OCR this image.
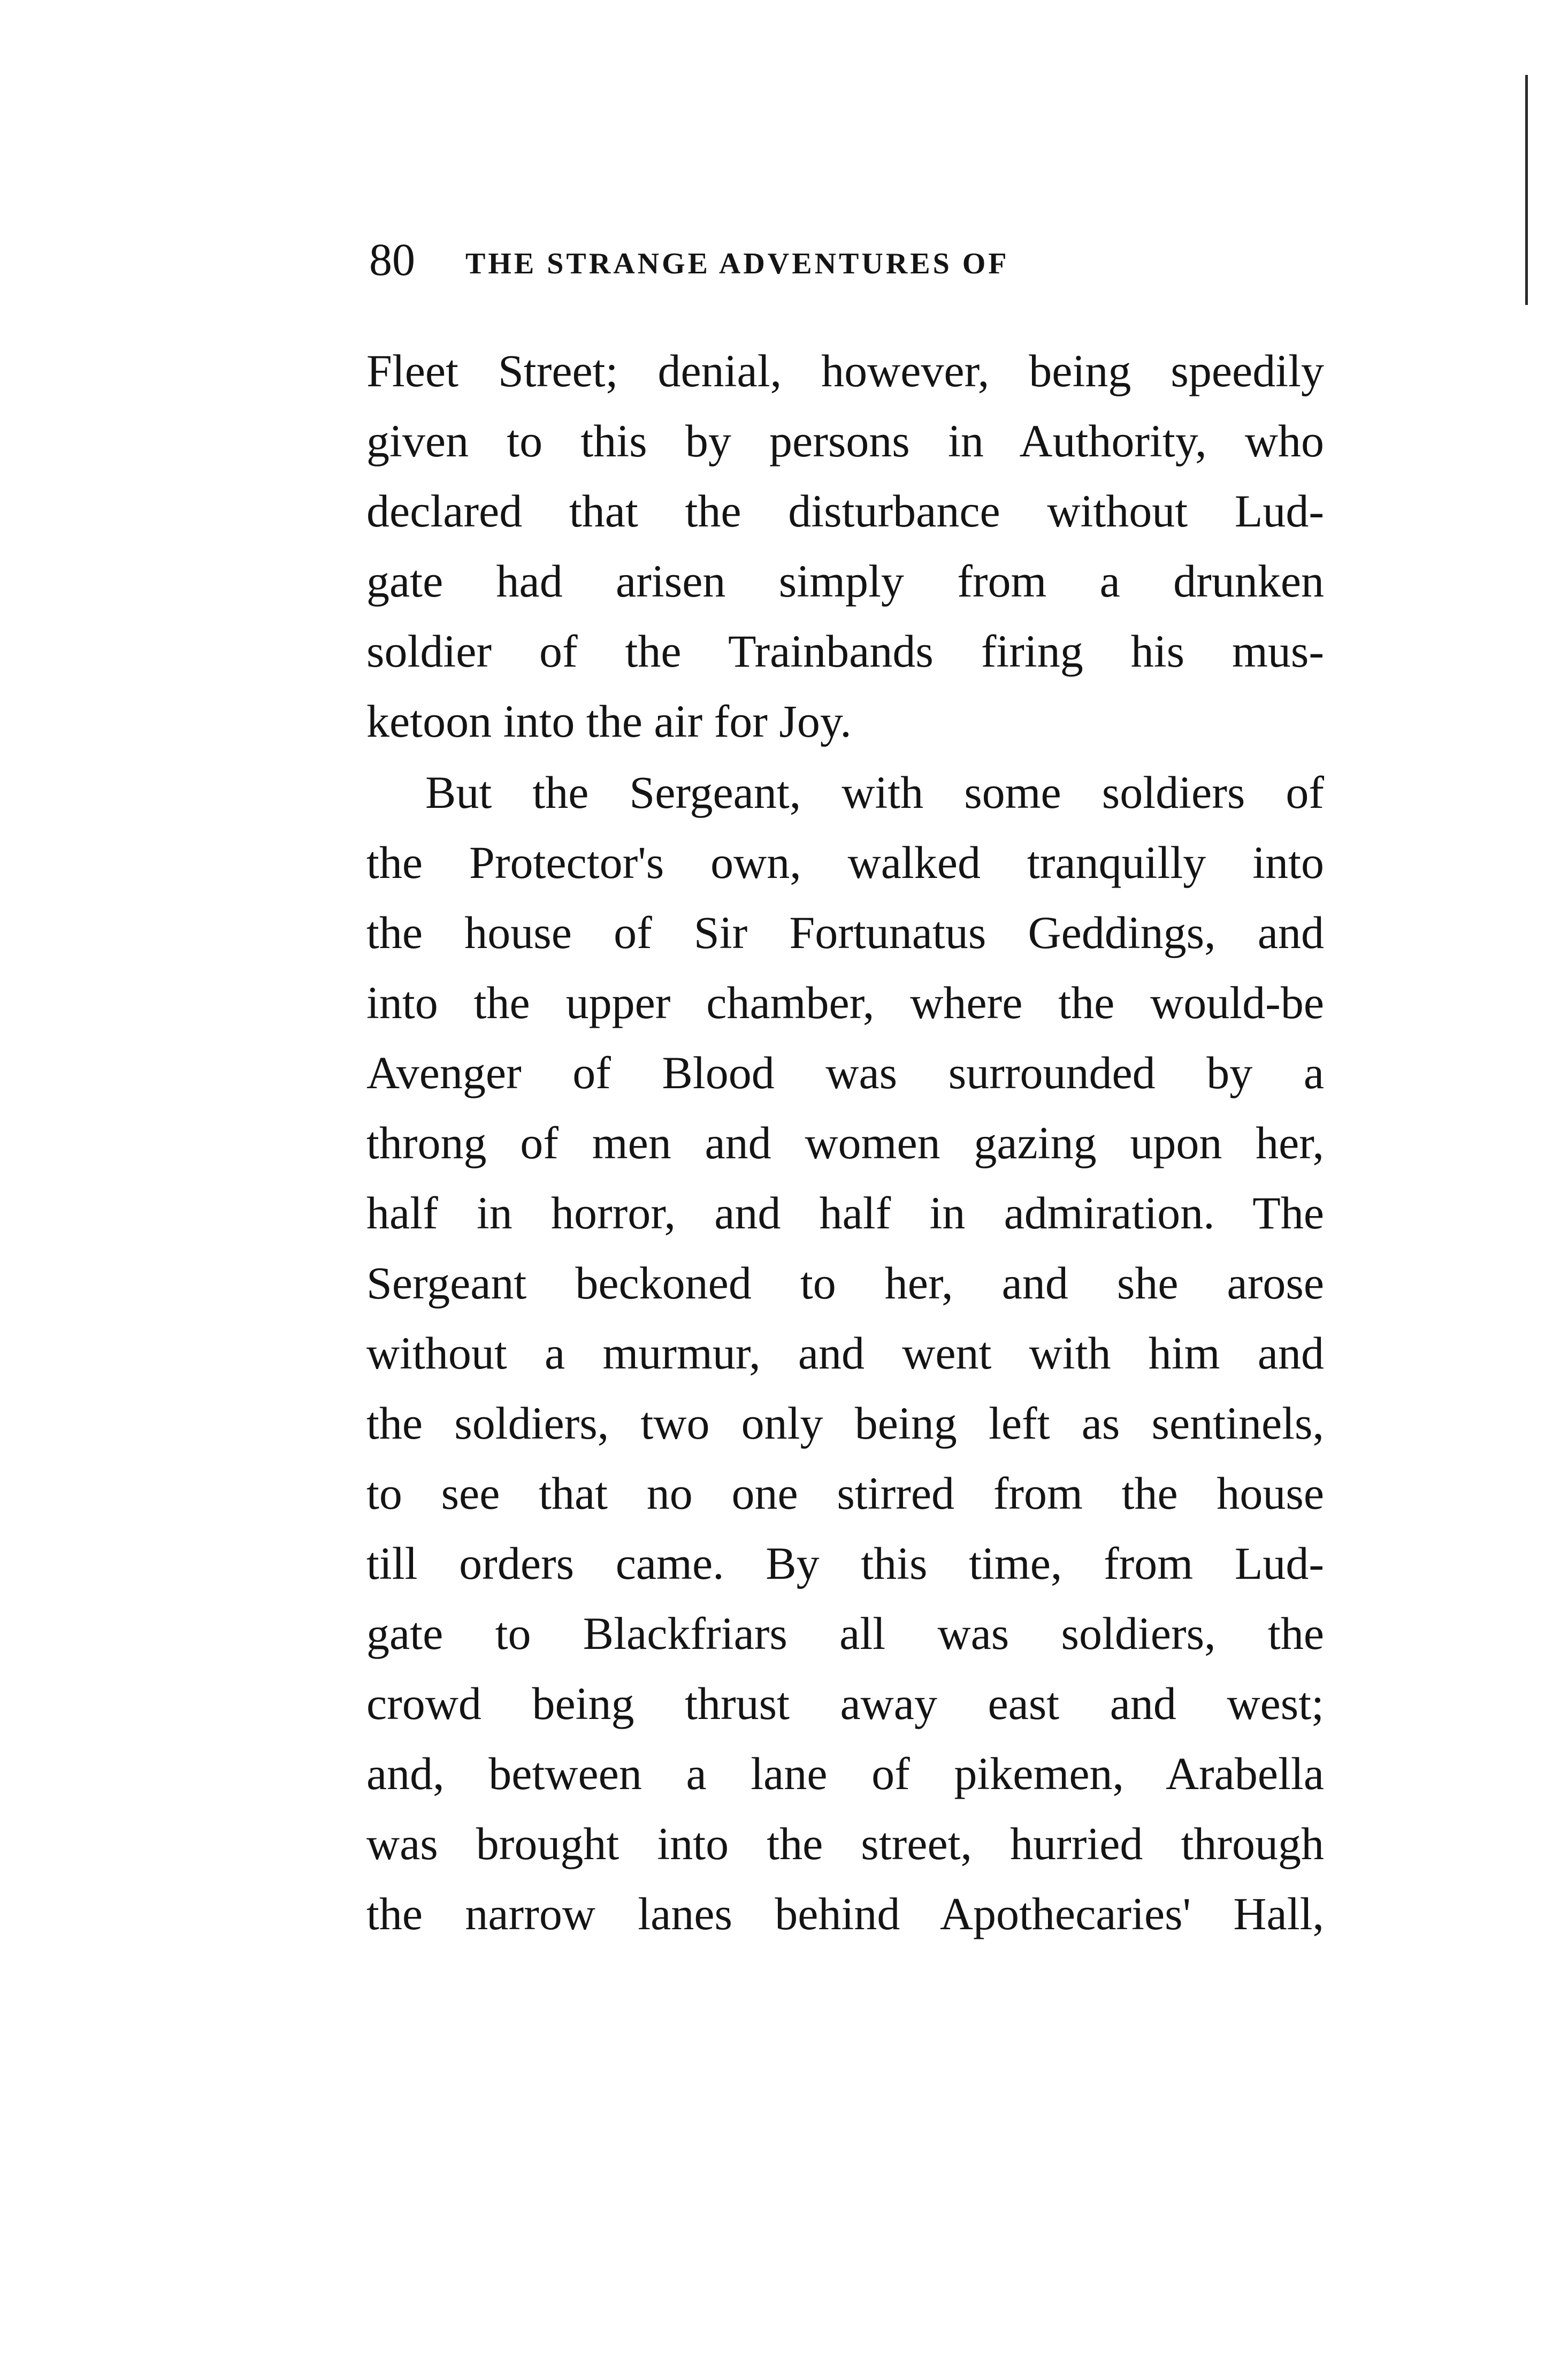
80 THE STRANGE ADVENTURES OF
Fleet Street; denial, however, being speedily
given to this by persons in Authority, who
declared that the disturbance without Lud-
gate had arisen simply from a drunken
soldier of the Trainbands firing his mus-
ketoon into the air for Joy.
But the Sergeant, with some soldiers of
the Protector's own, walked tranquilly into
the house of Sir Fortunatus Geddings, and
into the upper chamber, where the would-be
Avenger of Blood was surrounded by a
throng of men and women gazing upon her,
half in horror, and half in admiration. The
Sergeant beckoned to her, and she arose
without a murmur, and went with him and
the soldiers, two only being left as sentinels,
to see that no one stirred from the house
till orders came. By this time, from Lud-
gate to Blackfriars all was soldiers, the
crowd being thrust away east and west;
and, between a lane of pikemen, Arabella
was brought into the street, hurried through
the narrow lanes behind Apothecaries' Hall,
